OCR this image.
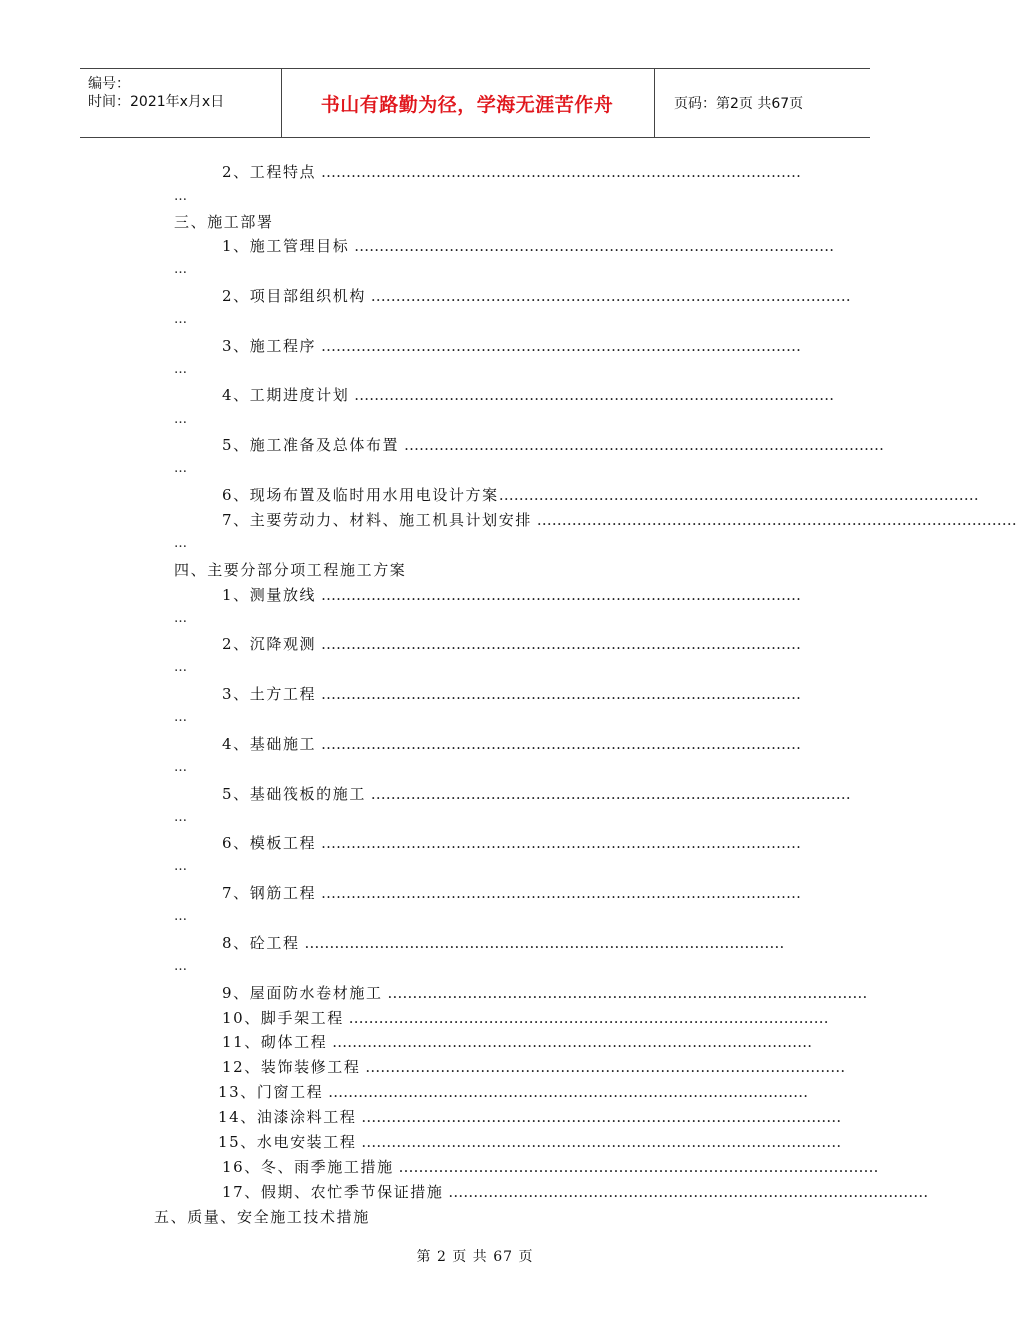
编号：
时间：2021年x月x日	书山有路勤为径，学海无涯苦作舟	页码：第2页 共67页
2、工程特点 ……………………………………………………………………………………
…
三、施工部署
1、施工管理目标 ……………………………………………………………………………………
…
2、项目部组织机构 ……………………………………………………………………………………
…
3、施工程序 ……………………………………………………………………………………
…
4、工期进度计划 ……………………………………………………………………………………
…
5、施工准备及总体布置 ……………………………………………………………………………………
…
6、现场布置及临时用水用电设计方案……………………………………………………………………………………
7、主要劳动力、材料、施工机具计划安排 ……………………………………………………………………………………
…
四、主要分部分项工程施工方案
1、测量放线 ……………………………………………………………………………………
…
2、沉降观测 ……………………………………………………………………………………
…
3、土方工程 ……………………………………………………………………………………
…
4、基础施工 ……………………………………………………………………………………
…
5、基础筏板的施工 ……………………………………………………………………………………
…
6、模板工程 ……………………………………………………………………………………
…
7、钢筋工程 ……………………………………………………………………………………
…
8、砼工程 ……………………………………………………………………………………
…
9、屋面防水卷材施工 ……………………………………………………………………………………
10、脚手架工程 ……………………………………………………………………………………
11、砌体工程 ……………………………………………………………………………………
12、装饰装修工程 ……………………………………………………………………………………
13、门窗工程 ……………………………………………………………………………………
14、油漆涂料工程 ……………………………………………………………………………………
15、水电安装工程 ……………………………………………………………………………………
16、冬、雨季施工措施 ……………………………………………………………………………………
17、假期、农忙季节保证措施 ……………………………………………………………………………………
五、质量、安全施工技术措施
第 2 页 共 67 页
